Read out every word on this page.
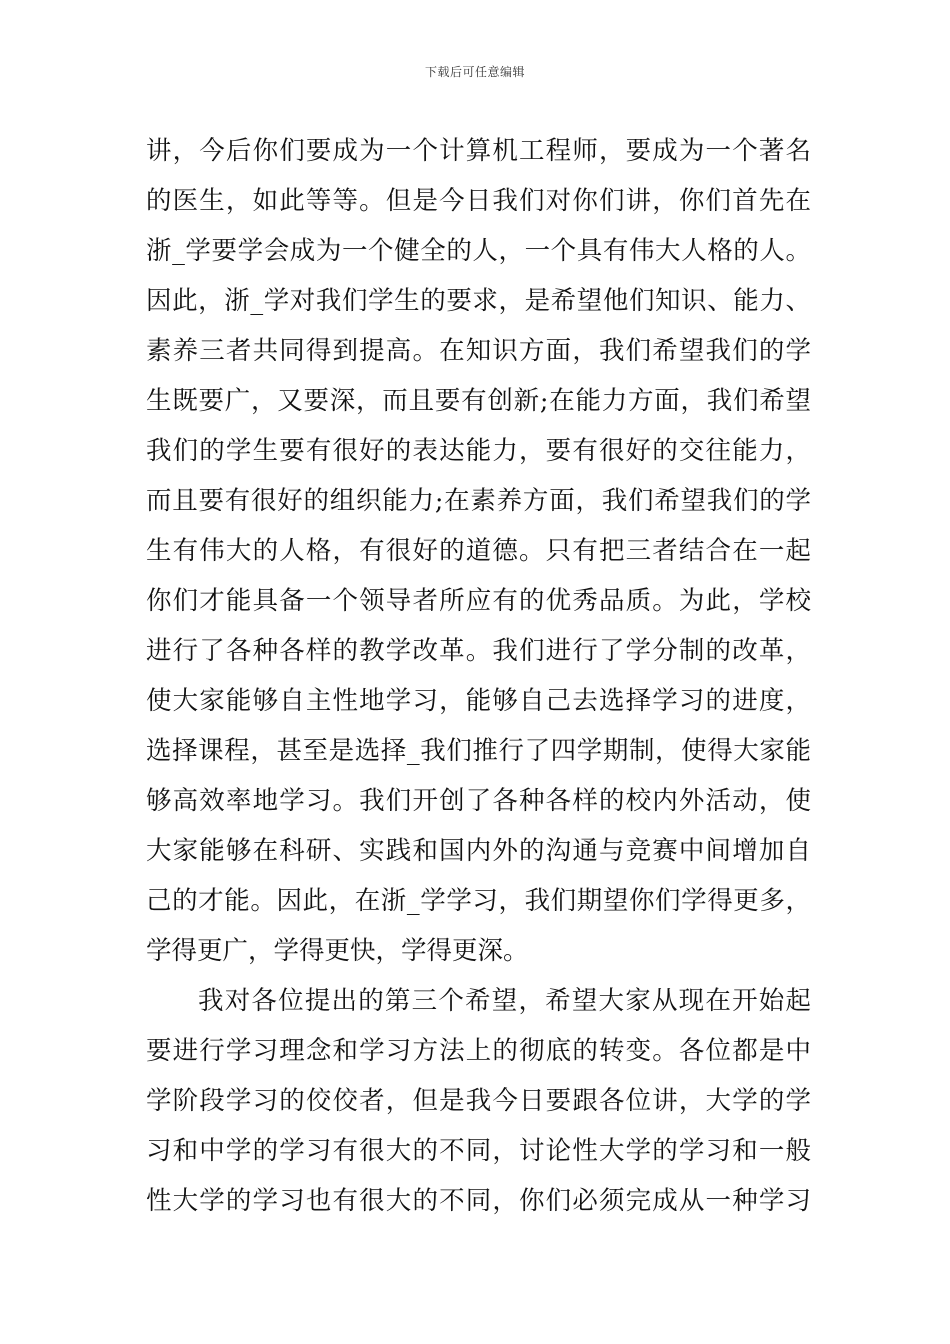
下载后可任意编辑
讲，今后你们要成为一个计算机工程师，要成为一个著名
的医生，如此等等。但是今日我们对你们讲，你们首先在
浙_学要学会成为一个健全的人，一个具有伟大人格的人。
因此，浙_学对我们学生的要求，是希望他们知识、能力、
素养三者共同得到提高。在知识方面，我们希望我们的学
生既要广，又要深，而且要有创新;在能力方面，我们希望
我们的学生要有很好的表达能力，要有很好的交往能力，
而且要有很好的组织能力;在素养方面，我们希望我们的学
生有伟大的人格，有很好的道德。只有把三者结合在一起
你们才能具备一个领导者所应有的优秀品质。为此，学校
进行了各种各样的教学改革。我们进行了学分制的改革，
使大家能够自主性地学习，能够自己去选择学习的进度，
选择课程，甚至是选择_我们推行了四学期制，使得大家能
够高效率地学习。我们开创了各种各样的校内外活动，使
大家能够在科研、实践和国内外的沟通与竞赛中间增加自
己的才能。因此，在浙_学学习，我们期望你们学得更多，
学得更广，学得更快，学得更深。
我对各位提出的第三个希望，希望大家从现在开始起
要进行学习理念和学习方法上的彻底的转变。各位都是中
学阶段学习的佼佼者，但是我今日要跟各位讲，大学的学
习和中学的学习有很大的不同，讨论性大学的学习和一般
性大学的学习也有很大的不同，你们必须完成从一种学习
